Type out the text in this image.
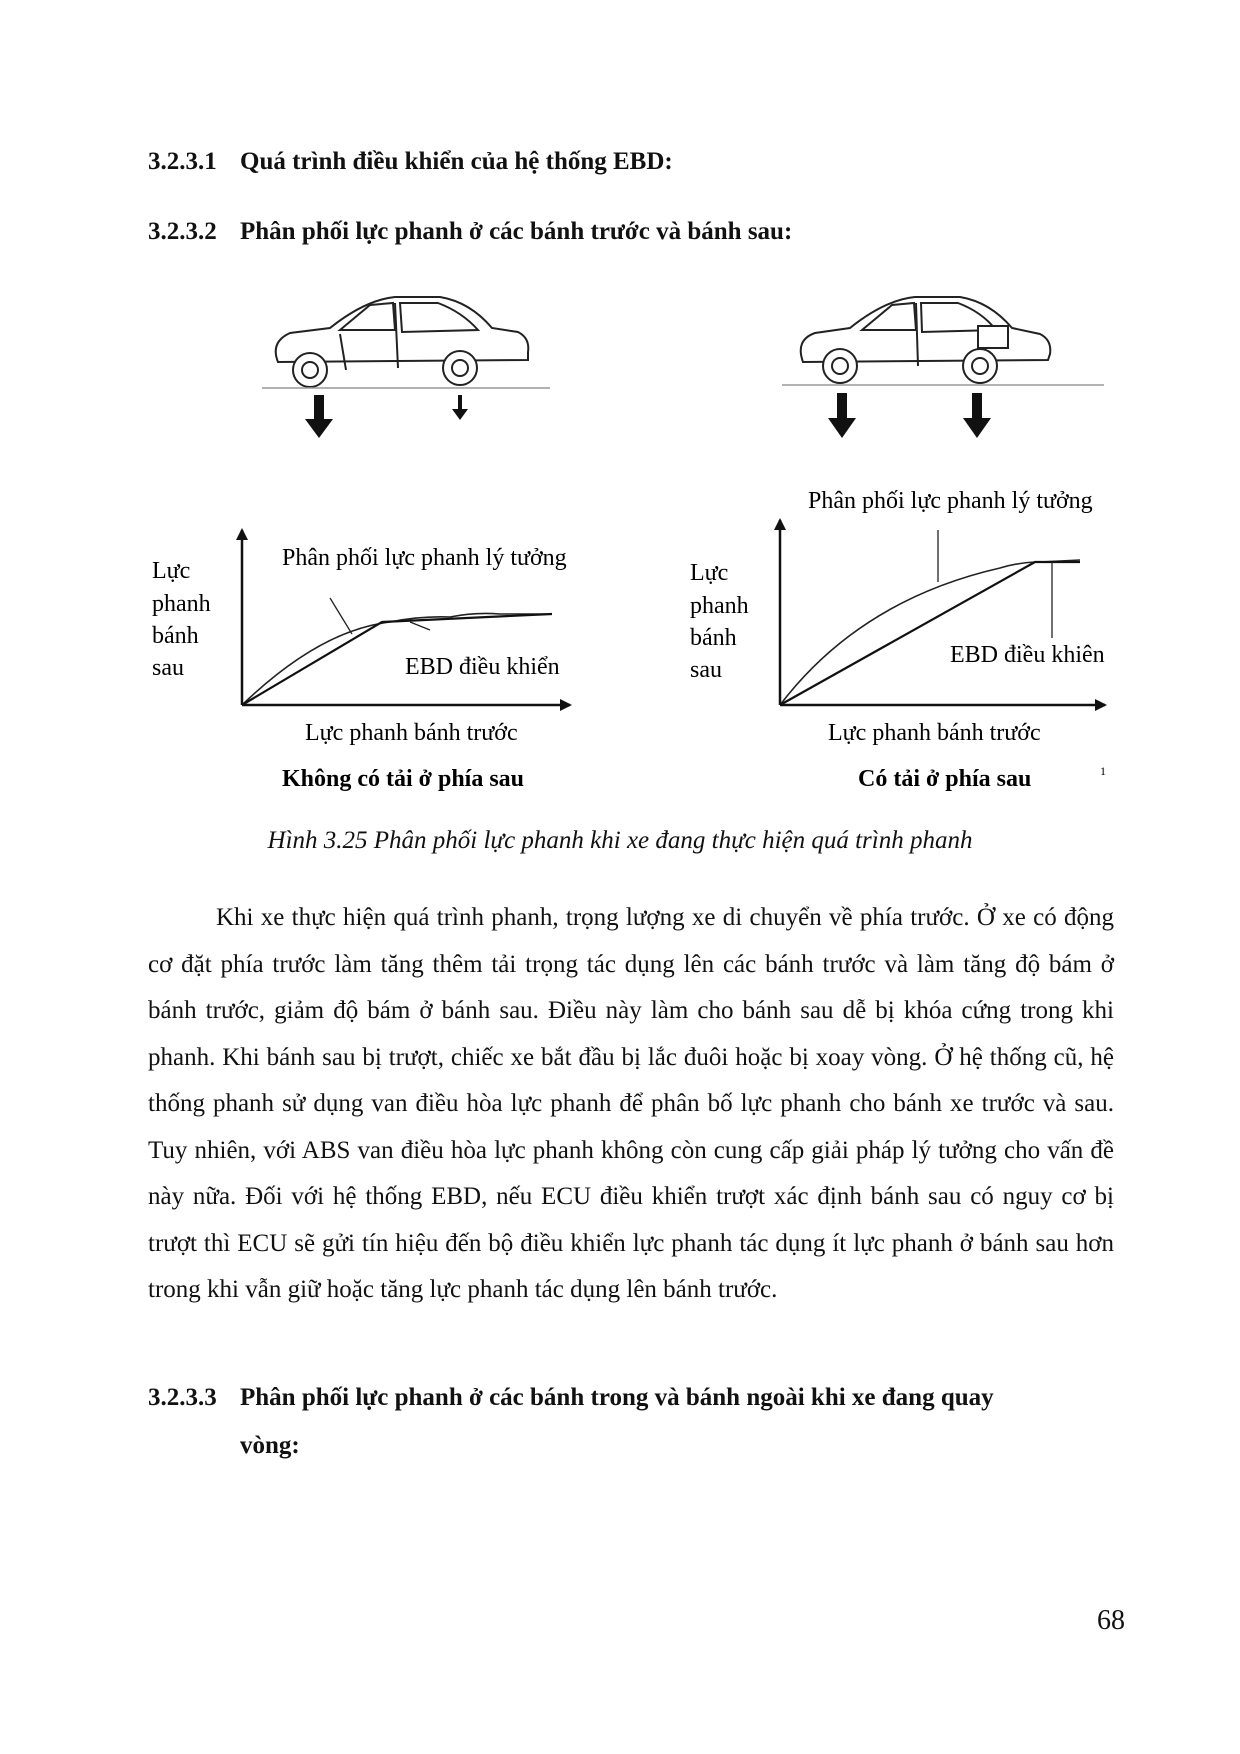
3.2.3.1 Quá trình điều khiển của hệ thống EBD:
3.2.3.2 Phân phối lực phanh ở các bánh trước và bánh sau:
Phân phối lực phanh lý tưởng
EBD điều khiển
Lực
phanh
bánh
sau
Lực phanh bánh trước
Không có tải ở phía sau
Phân phối lực phanh lý tưởng
EBD điều khiên
Lực
phanh
bánh
sau
Lực phanh bánh trước
Có tải ở phía sau	1
Hình 3.25 Phân phối lực phanh khi xe đang thực hiện quá trình phanh

Khi xe thực hiện quá trình phanh, trọng lượng xe di chuyển về phía trước. Ở xe có động cơ đặt phía trước làm tăng thêm tải trọng tác dụng lên các bánh trước và làm tăng độ bám ở bánh trước, giảm độ bám ở bánh sau. Điều này làm cho bánh sau dễ bị khóa cứng trong khi phanh. Khi bánh sau bị trượt, chiếc xe bắt đầu bị lắc đuôi hoặc bị xoay vòng. Ở hệ thống cũ, hệ thống phanh sử dụng van điều hòa lực phanh để phân bố lực phanh cho bánh xe trước và sau. Tuy nhiên, với ABS van điều hòa lực phanh không còn cung cấp giải pháp lý tưởng cho vấn đề này nữa. Đối với hệ thống EBD, nếu ECU điều khiển trượt xác định bánh sau có nguy cơ bị trượt thì ECU sẽ gửi tín hiệu đến bộ điều khiển lực phanh tác dụng ít lực phanh ở bánh sau hơn trong khi vẫn giữ hoặc tăng lực phanh tác dụng lên bánh trước.

3.2.3.3 Phân phối lực phanh ở các bánh trong và bánh ngoài khi xe đang quay
vòng:
68
